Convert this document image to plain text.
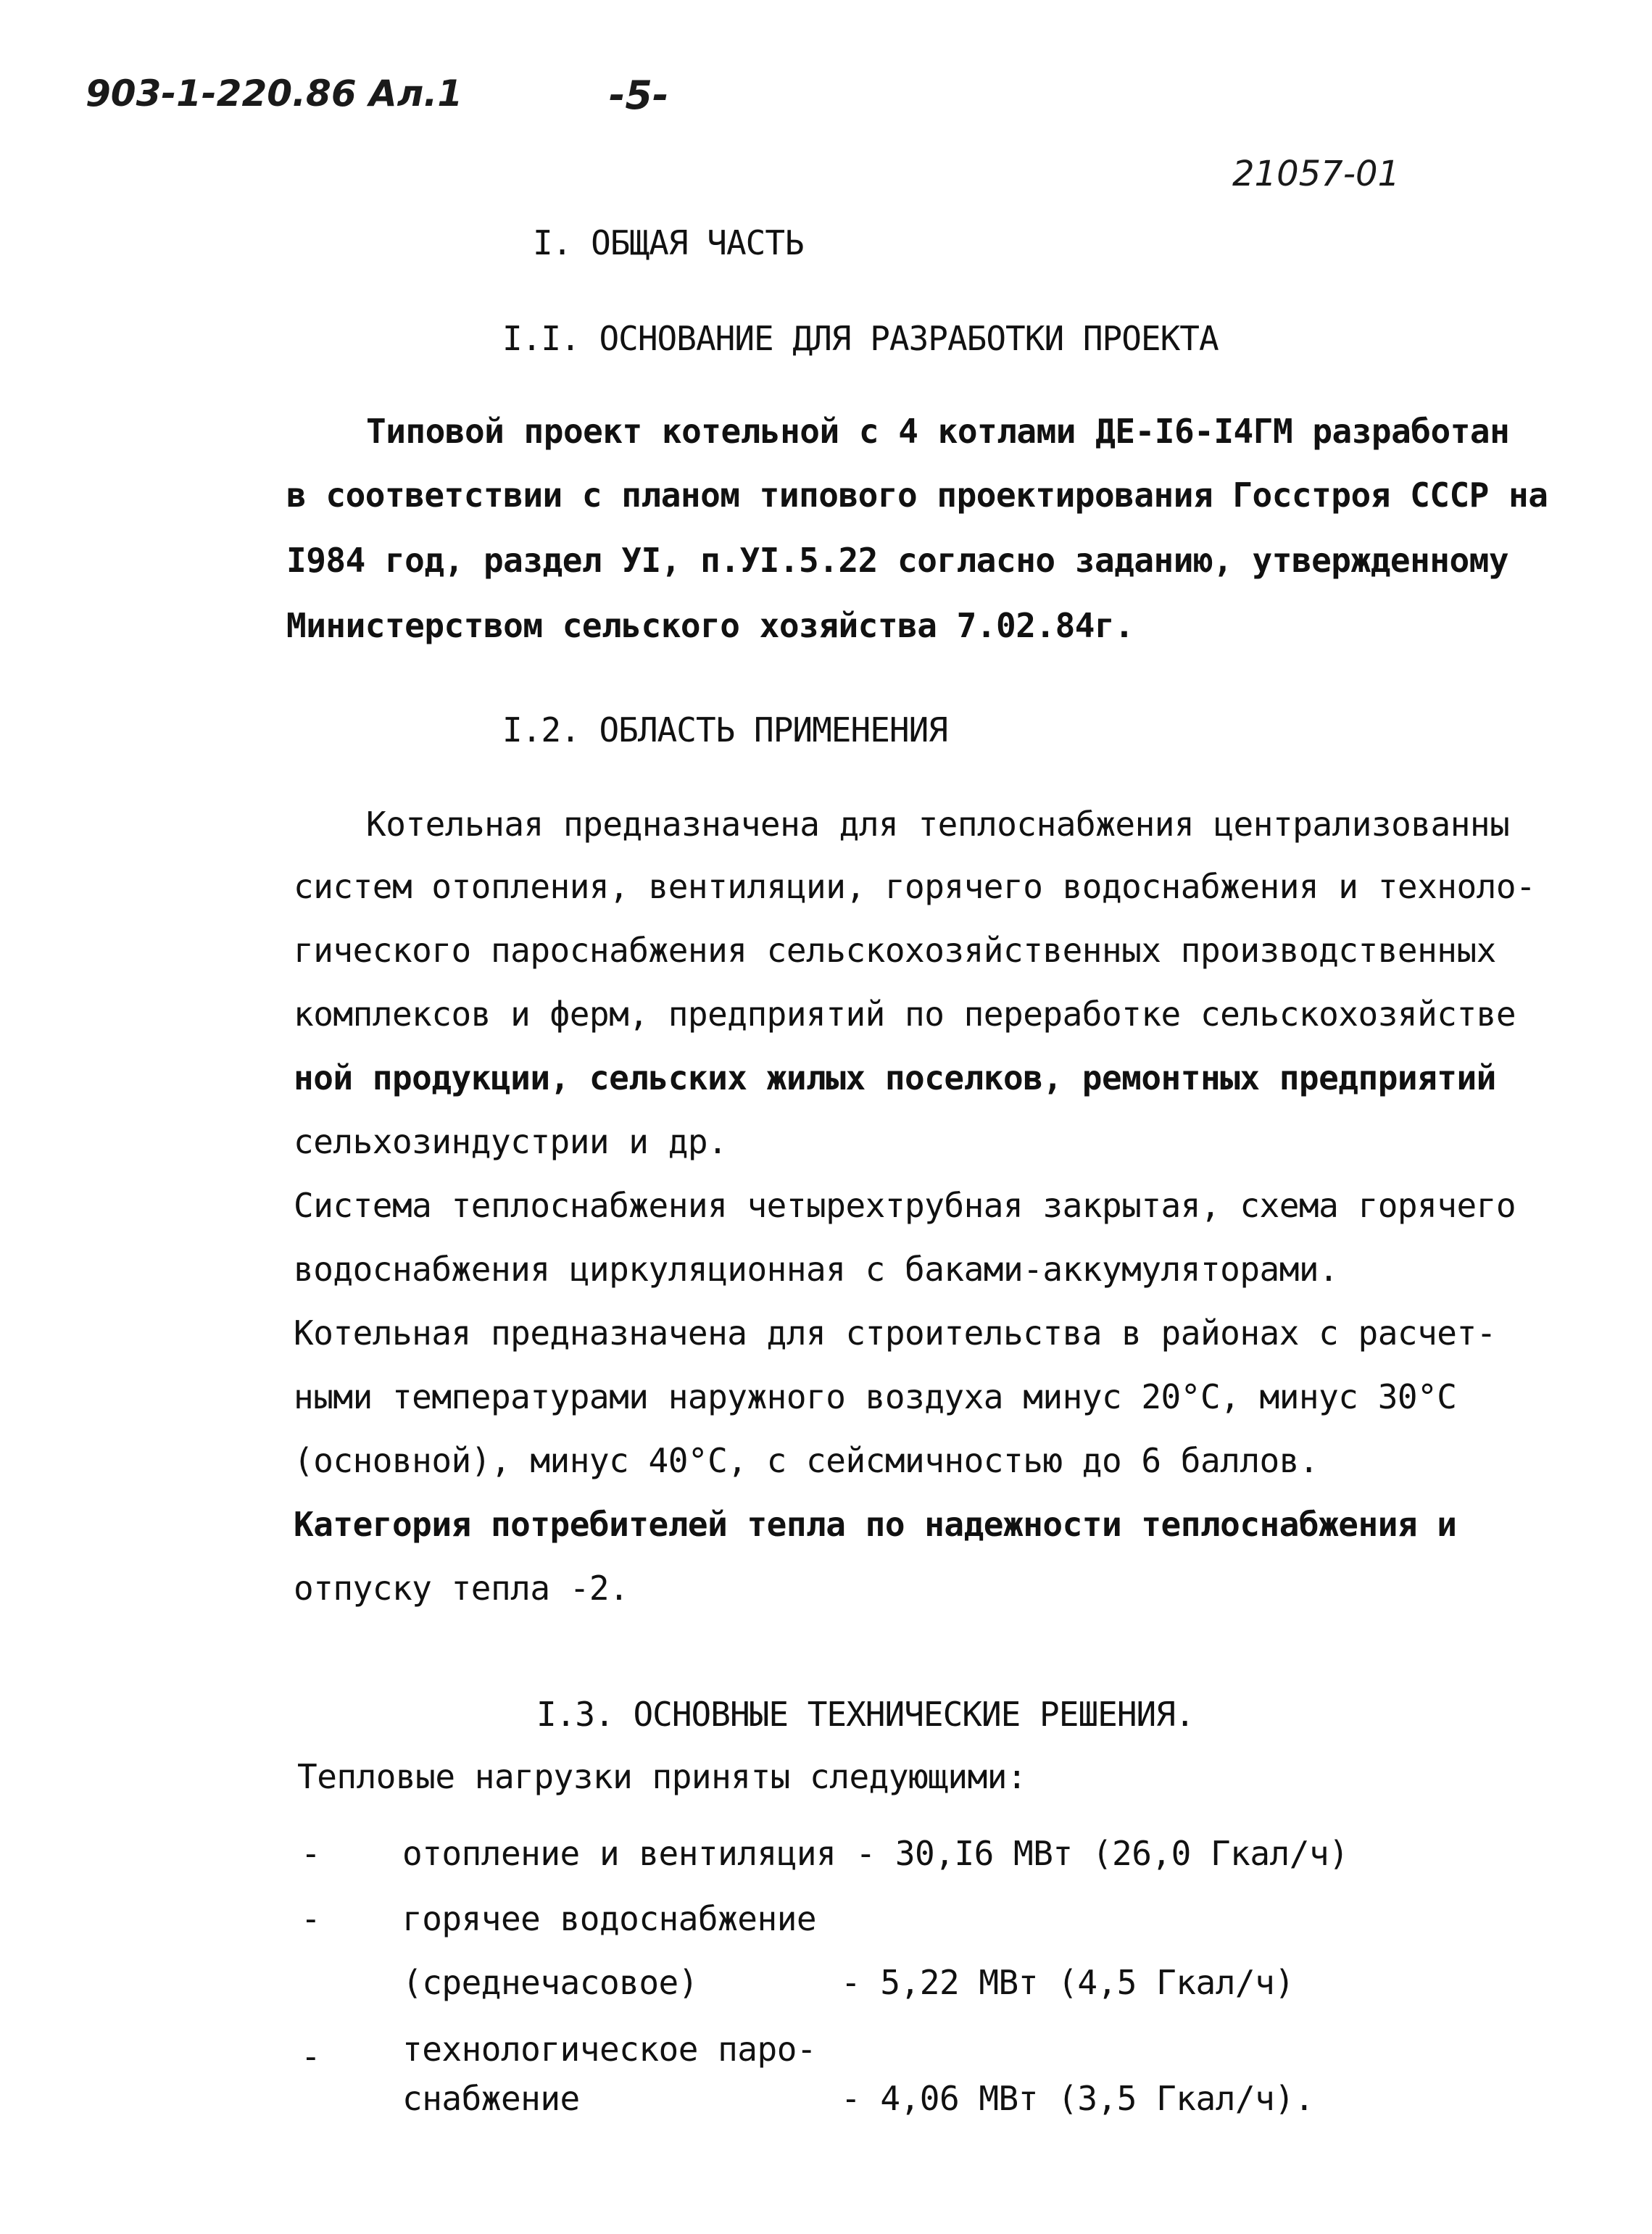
903-1-220.86 Ал.1	-5-
21057-01
I. ОБЩАЯ ЧАСТЬ
I.I. ОСНОВАНИЕ ДЛЯ РАЗРАБОТКИ ПРОЕКТА
Типовой проект котельной с 4 котлами ДЕ-I6-I4ГМ разработан
в соответствии с планом типового проектирования Госстроя СССР на
I984 год, раздел УI, п.УI.5.22 согласно заданию, утвержденному
Министерством сельского хозяйства 7.02.84г.
I.2. ОБЛАСТЬ ПРИМЕНЕНИЯ
Котельная предназначена для теплоснабжения централизованны
систем отопления, вентиляции, горячего водоснабжения и техноло-
гического пароснабжения сельскохозяйственных производственных
комплексов и ферм, предприятий по переработке сельскохозяйстве
ной продукции, сельских жилых поселков, ремонтных предприятий
сельхозиндустрии и др.
Система теплоснабжения четырехтрубная закрытая, схема горячего
водоснабжения циркуляционная с баками-аккумуляторами.
Котельная предназначена для строительства в районах с расчет-
ными температурами наружного воздуха минус 20°С, минус 30°С
(основной), минус 40°С, с сейсмичностью до 6 баллов.
Категория потребителей тепла по надежности теплоснабжения и
отпуску тепла -2.
I.3. ОСНОВНЫЕ ТЕХНИЧЕСКИЕ РЕШЕНИЯ.
Тепловые нагрузки приняты следующими:
- отопление и вентиляция - 30,I6 МВт (26,0 Гкал/ч)
- горячее водоснабжение
(среднечасовое)	- 5,22 МВт (4,5 Гкал/ч)
- технологическое паро-
снабжение	- 4,06 МВт (3,5 Гкал/ч).
